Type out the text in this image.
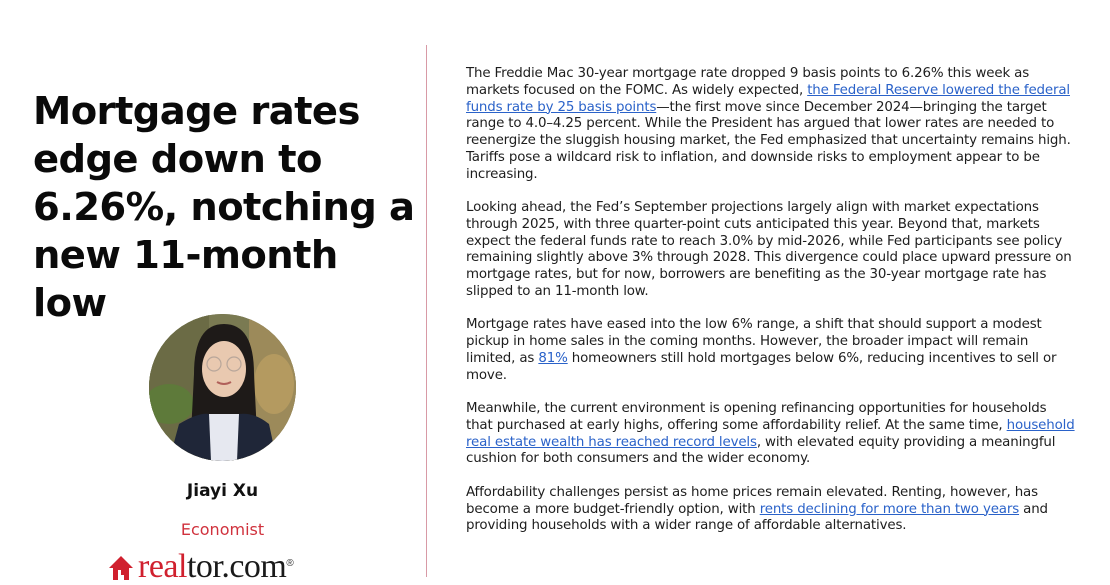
Mortgage rates edge down to 6.26%, notching a new 11-month low
Jiayi Xu
Economist
realtor.com ®

The Freddie Mac 30-year mortgage rate dropped 9 basis points to 6.26% this week as markets focused on the FOMC. As widely expected, the Federal Reserve lowered the federal funds rate by 25 basis points—the first move since December 2024—bringing the target range to 4.0–4.25 percent. While the President has argued that lower rates are needed to reenergize the sluggish housing market, the Fed emphasized that uncertainty remains high. Tariffs pose a wildcard risk to inflation, and downside risks to employment appear to be increasing.

Looking ahead, the Fed’s September projections largely align with market expectations through 2025, with three quarter-point cuts anticipated this year. Beyond that, markets expect the federal funds rate to reach 3.0% by mid-2026, while Fed participants see policy remaining slightly above 3% through 2028. This divergence could place upward pressure on mortgage rates, but for now, borrowers are benefiting as the 30-year mortgage rate has slipped to an 11-month low.

Mortgage rates have eased into the low 6% range, a shift that should support a modest pickup in home sales in the coming months. However, the broader impact will remain limited, as 81% homeowners still hold mortgages below 6%, reducing incentives to sell or move.

Meanwhile, the current environment is opening refinancing opportunities for households that purchased at early highs, offering some affordability relief. At the same time, household real estate wealth has reached record levels, with elevated equity providing a meaningful cushion for both consumers and the wider economy.

Affordability challenges persist as home prices remain elevated. Renting, however, has become a more budget-friendly option, with rents declining for more than two years and providing households with a wider range of affordable alternatives.
